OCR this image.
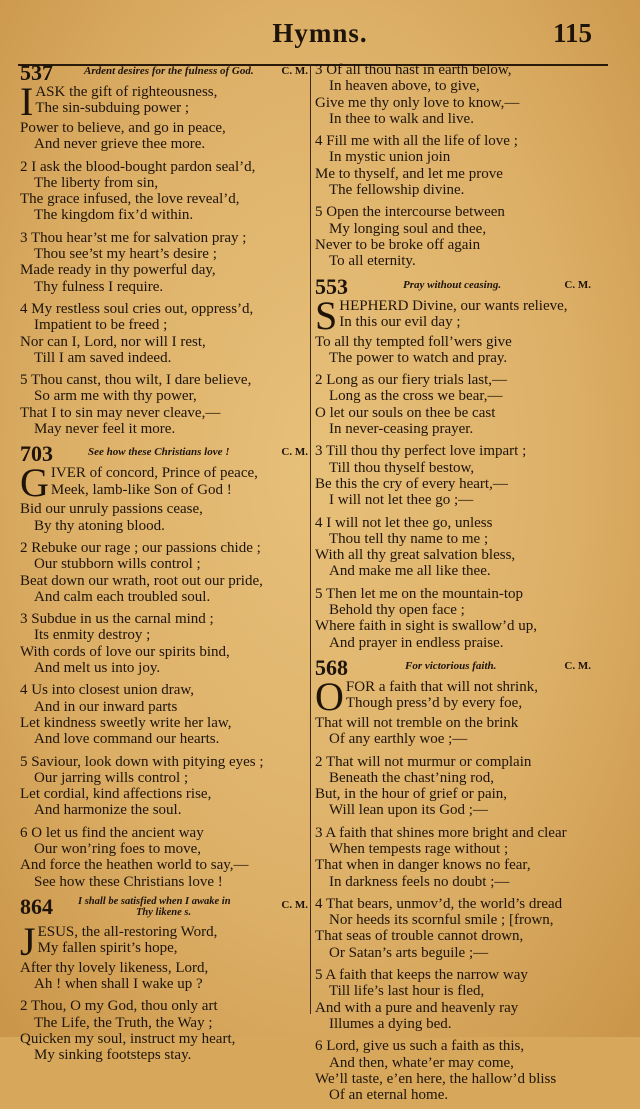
Hymns.	115
537	Ardent desires for the fulness of God.	C. M.
I ASK the gift of righteousness,
The sin-subduing power ;
Power to believe, and go in peace,
And never grieve thee more.
2 I ask the blood-bought pardon seal’d,
The liberty from sin,
The grace infused, the love reveal’d,
The kingdom fix’d within.
3 Thou hear’st me for salvation pray ;
Thou see’st my heart’s desire ;
Made ready in thy powerful day,
Thy fulness I require.
4 My restless soul cries out, oppress’d,
Impatient to be freed ;
Nor can I, Lord, nor will I rest,
Till I am saved indeed.
5 Thou canst, thou wilt, I dare believe,
So arm me with thy power,
That I to sin may never cleave,—
May never feel it more.
703	See how these Christians love !	C. M.
G IVER of concord, Prince of peace,
Meek, lamb-like Son of God !
Bid our unruly passions cease,
By thy atoning blood.
2 Rebuke our rage ; our passions chide ;
Our stubborn wills control ;
Beat down our wrath, root out our pride,
And calm each troubled soul.
3 Subdue in us the carnal mind ;
Its enmity destroy ;
With cords of love our spirits bind,
And melt us into joy.
4 Us into closest union draw,
And in our inward parts
Let kindness sweetly write her law,
And love command our hearts.
5 Saviour, look down with pitying eyes ;
Our jarring wills control ;
Let cordial, kind affections rise,
And harmonize the soul.
6 O let us find the ancient way
Our won’ring foes to move,
And force the heathen world to say,—
See how these Christians love !
864 I shall be satisfied when I awake in
Thy likene s.
C. M.
J ESUS, the all-restoring Word,
My fallen spirit’s hope,
After thy lovely likeness, Lord,
Ah ! when shall I wake up ?
2 Thou, O my God, thou only art
The Life, the Truth, the Way ;
Quicken my soul, instruct my heart,
My sinking footsteps stay.
3 Of all thou hast in earth below,
In heaven above, to give,
Give me thy only love to know,—
In thee to walk and live.
4 Fill me with all the life of love ;
In mystic union join
Me to thyself, and let me prove
The fellowship divine.
5 Open the intercourse between
My longing soul and thee,
Never to be broke off again
To all eternity.
553	Pray without ceasing.	C. M.
S HEPHERD Divine, our wants relieve,
In this our evil day ;
To all thy tempted foll’wers give
The power to watch and pray.
2 Long as our fiery trials last,—
Long as the cross we bear,—
O let our souls on thee be cast
In never-ceasing prayer.
3 Till thou thy perfect love impart ;
Till thou thyself bestow,
Be this the cry of every heart,—
I will not let thee go ;—
4 I will not let thee go, unless
Thou tell thy name to me ;
With all thy great salvation bless,
And make me all like thee.
5 Then let me on the mountain-top
Behold thy open face ;
Where faith in sight is swallow’d up,
And prayer in endless praise.
568	For victorious faith.	C. M.
O FOR a faith that will not shrink,
Though press’d by every foe,
That will not tremble on the brink
Of any earthly woe ;—
2 That will not murmur or complain
Beneath the chast’ning rod,
But, in the hour of grief or pain,
Will lean upon its God ;—
3 A faith that shines more bright and clear
When tempests rage without ;
That when in danger knows no fear,
In darkness feels no doubt ;—
4 That bears, unmov’d, the world’s dread
Nor heeds its scornful smile ; [frown,
That seas of trouble cannot drown,
Or Satan’s arts beguile ;—
5 A faith that keeps the narrow way
Till life’s last hour is fled,
And with a pure and heavenly ray
Illumes a dying bed.
6 Lord, give us such a faith as this,
And then, whate’er may come,
We’ll taste, e’en here, the hallow’d bliss
Of an eternal home.
